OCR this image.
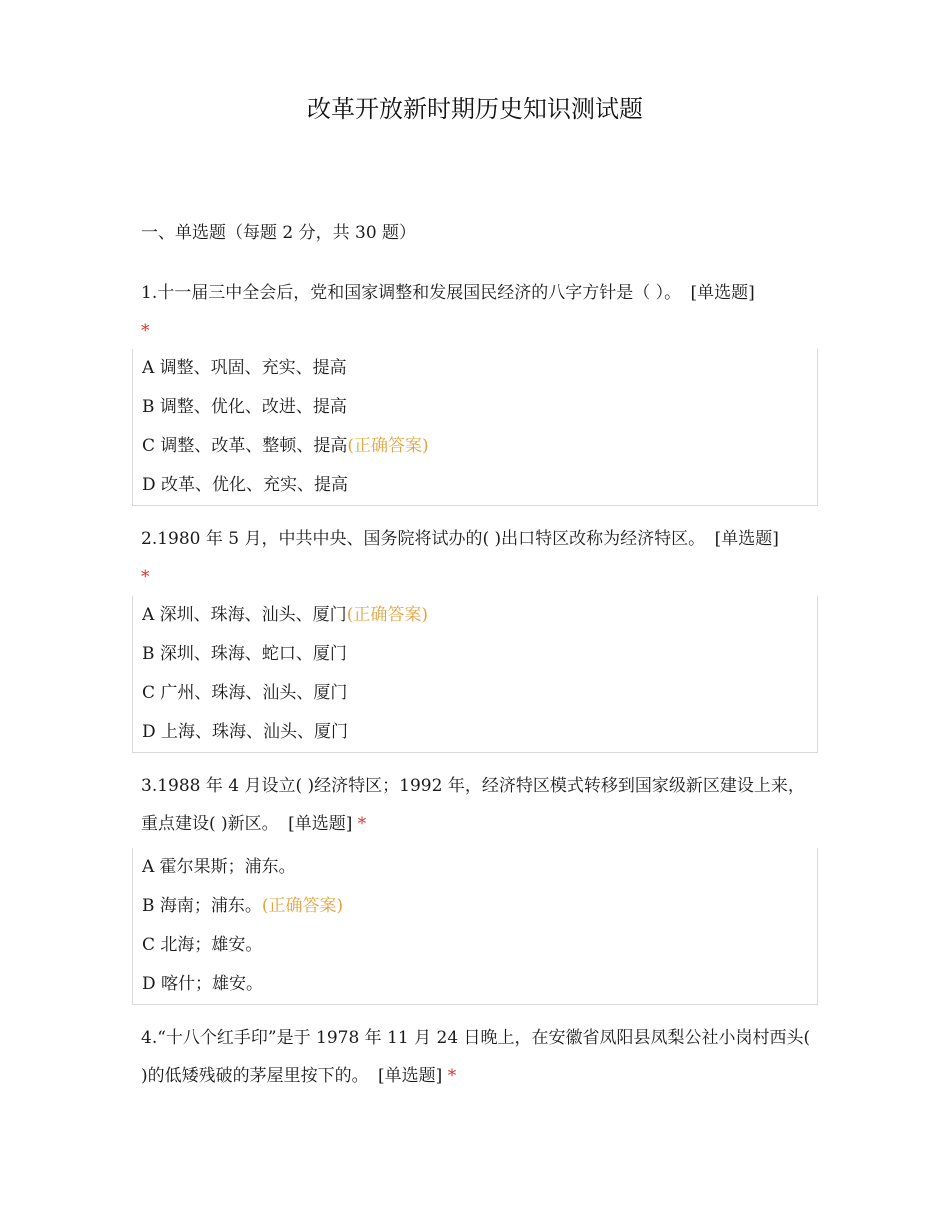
改革开放新时期历史知识测试题
一、单选题（每题 2 分，共 30 题）
1.十一届三中全会后，党和国家调整和发展国民经济的八字方针是（ ）。 [单选题]
*
A 调整、巩固、充实、提高
B 调整、优化、改进、提高
C 调整、改革、整顿、提高(正确答案)
D 改革、优化、充实、提高
2.1980 年 5 月，中共中央、国务院将试办的( )出口特区改称为经济特区。 [单选题]
*
A 深圳、珠海、汕头、厦门(正确答案)
B 深圳、珠海、蛇口、厦门
C 广州、珠海、汕头、厦门
D 上海、珠海、汕头、厦门
3.1988 年 4 月设立( )经济特区；1992 年，经济特区模式转移到国家级新区建设上来，重点建设( )新区。 [单选题] *
A 霍尔果斯；浦东。
B 海南；浦东。(正确答案)
C 北海；雄安。
D 喀什；雄安。
4.“十八个红手印”是于 1978 年 11 月 24 日晚上，在安徽省凤阳县凤梨公社小岗村西头( )的低矮残破的茅屋里按下的。 [单选题] *
